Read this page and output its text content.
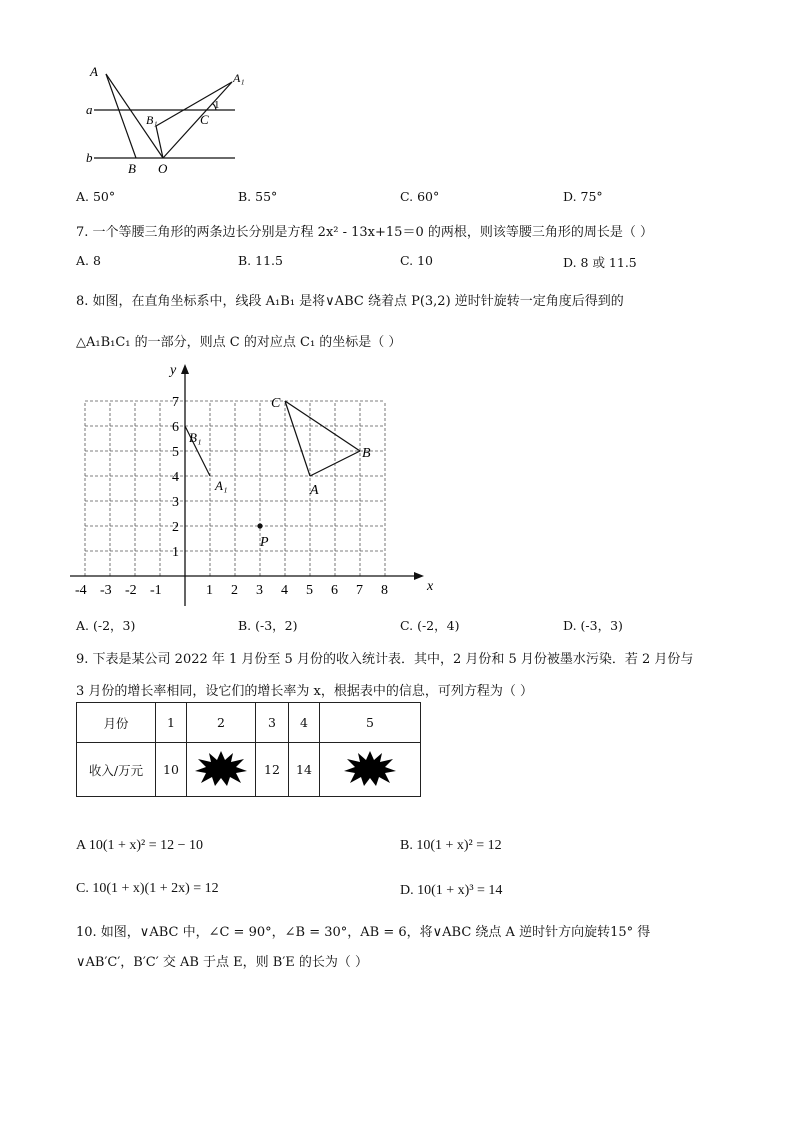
A	A₁
a
b
B₁	C
1
B O
A. 50°	B. 55°	C. 60°	D. 75°
7. 一个等腰三角形的两条边长分别是方程 2x² - 13x+15＝0 的两根，则该等腰三角形的周长是（ ）
A. 8	B. 11.5	C. 10	D. 8 或 11.5
8. 如图，在直角坐标系中，线段 A₁B₁ 是将∨ABC 绕着点 P(3,2) 逆时针旋转一定角度后得到的
△A₁B₁C₁ 的一部分，则点 C 的对应点 C₁ 的坐标是（ ）
-4 -3 -2 -1	1 2 3 4 5 6 7 8
1
2
3
4
5
6
7
x
y
C
B₁
B
A
A₁
P
A. (-2，3)	B. (-3，2)	C. (-2，4)	D. (-3，3)
9. 下表是某公司 2022 年 1 月份至 5 月份的收入统计表．其中，2 月份和 5 月份被墨水污染．若 2 月份与
3 月份的增长率相同，设它们的增长率为 x，根据表中的信息，可列方程为（ ）
月份	1	2	3	4	5
收入/万元	10		12	14	
A 10(1 + x)² = 12 − 10	B. 10(1 + x)² = 12
C. 10(1 + x)(1 + 2x) = 12	D. 10(1 + x)³ = 14
10. 如图，∨ABC 中，∠C = 90°，∠B = 30°，AB = 6，将∨ABC 绕点 A 逆时针方向旋转15° 得
∨AB′C′，B′C′ 交 AB 于点 E，则 B′E 的长为（ ）
